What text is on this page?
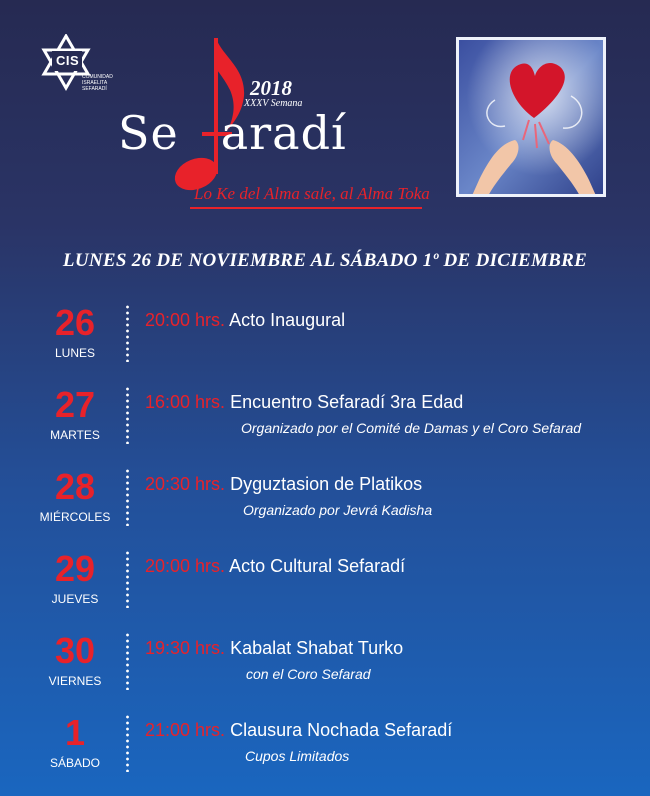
CIS
COMUNIDAD
ISRAELITA
SEFARADÍ	2018
XXXV Semana
Se aradí
Lo Ke del Alma sale, al Alma Toka
LUNES 26 DE NOVIEMBRE AL SÁBADO 1º DE DICIEMBRE
26
LUNES
20:00 hrs. Acto Inaugural
27
MARTES
16:00 hrs. Encuentro Sefaradí 3ra Edad
Organizado por el Comité de Damas y el Coro Sefarad
28
MIÉRCOLES
20:30 hrs. Dyguztasion de Platikos
Organizado por Jevrá Kadisha
29
JUEVES
20:00 hrs. Acto Cultural Sefaradí
30
VIERNES
19:30 hrs. Kabalat Shabat Turko
con el Coro Sefarad
1
SÁBADO
21:00 hrs. Clausura Nochada Sefaradí
Cupos Limitados
